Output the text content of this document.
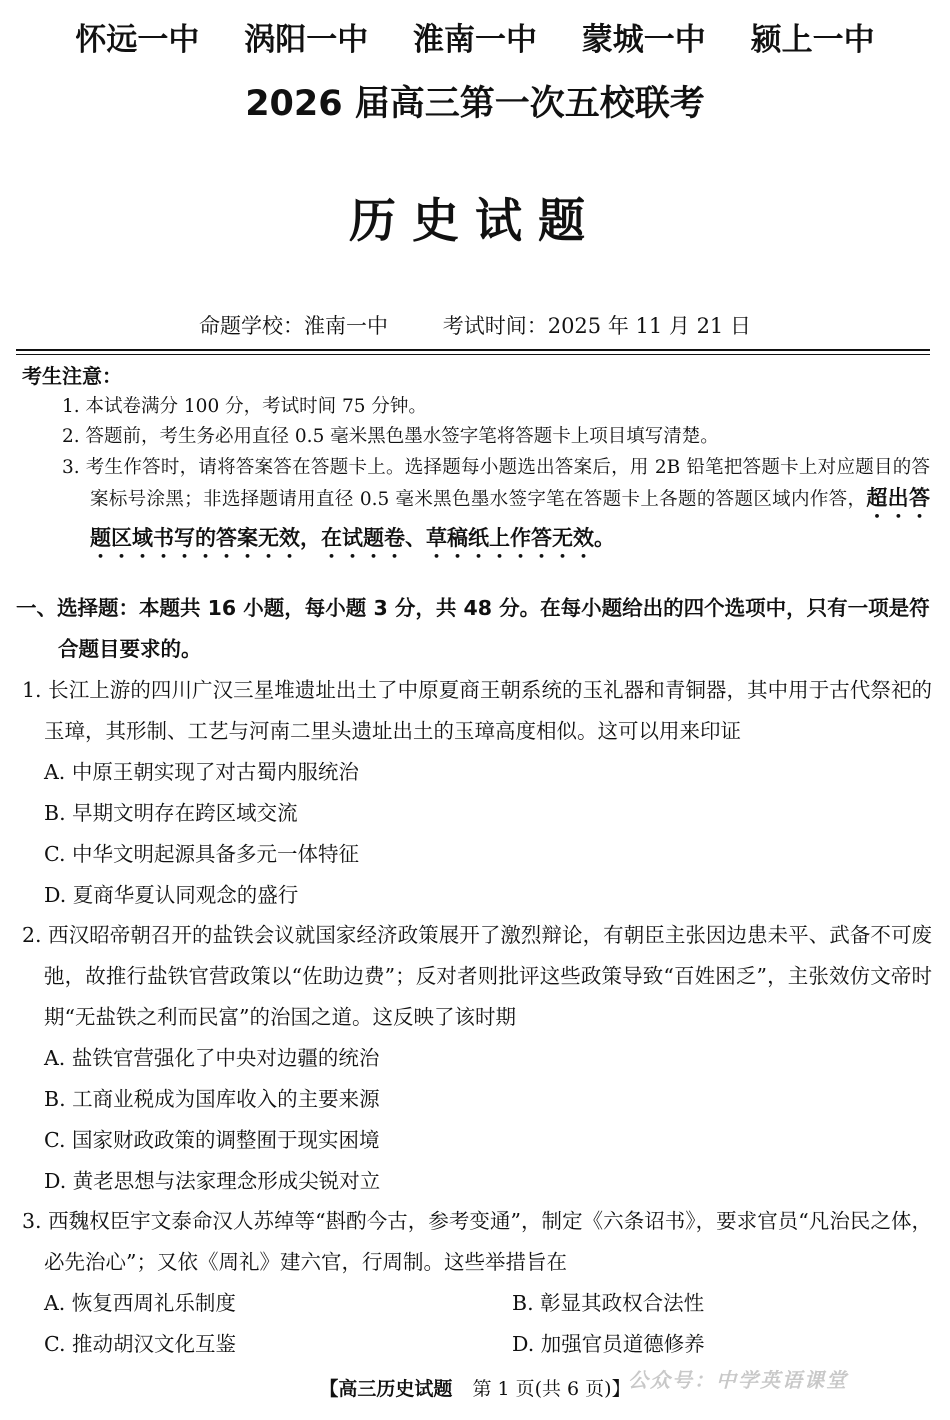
怀远一中 涡阳一中 淮南一中 蒙城一中 颍上一中
2026 届高三第一次五校联考
历史试题
命题学校：淮南一中	考试时间：2025 年 11 月 21 日
考生注意：
1. 本试卷满分 100 分，考试时间 75 分钟。
2. 答题前，考生务必用直径 0.5 毫米黑色墨水签字笔将答题卡上项目填写清楚。
3. 考生作答时，请将答案答在答题卡上。选择题每小题选出答案后，用 2B 铅笔把答题卡上对应题目的答案标号涂黑；非选择题请用直径 0.5 毫米黑色墨水签字笔在答题卡上各题的答题区域内作答，超出答题区域书写的答案无效，在试题卷、草稿纸上作答无效。
一、选择题：本题共 16 小题，每小题 3 分，共 48 分。在每小题给出的四个选项中，只有一项是符合题目要求的。
1. 长江上游的四川广汉三星堆遗址出土了中原夏商王朝系统的玉礼器和青铜器，其中用于古代祭祀的玉璋，其形制、工艺与河南二里头遗址出土的玉璋高度相似。这可以用来印证
A. 中原王朝实现了对古蜀内服统治
B. 早期文明存在跨区域交流
C. 中华文明起源具备多元一体特征
D. 夏商华夏认同观念的盛行
2. 西汉昭帝朝召开的盐铁会议就国家经济政策展开了激烈辩论，有朝臣主张因边患未平、武备不可废弛，故推行盐铁官营政策以“佐助边费”；反对者则批评这些政策导致“百姓困乏”，主张效仿文帝时期“无盐铁之利而民富”的治国之道。这反映了该时期
A. 盐铁官营强化了中央对边疆的统治
B. 工商业税成为国库收入的主要来源
C. 国家财政政策的调整囿于现实困境
D. 黄老思想与法家理念形成尖锐对立
3. 西魏权臣宇文泰命汉人苏绰等“斟酌今古，参考变通”，制定《六条诏书》，要求官员“凡治民之体，必先治心”；又依《周礼》建六官，行周制。这些举措旨在
A. 恢复西周礼乐制度	B. 彰显其政权合法性
C. 推动胡汉文化互鉴	D. 加强官员道德修养
【高三历史试题 第 1 页(共 6 页)】
公众号：中学英语课堂
